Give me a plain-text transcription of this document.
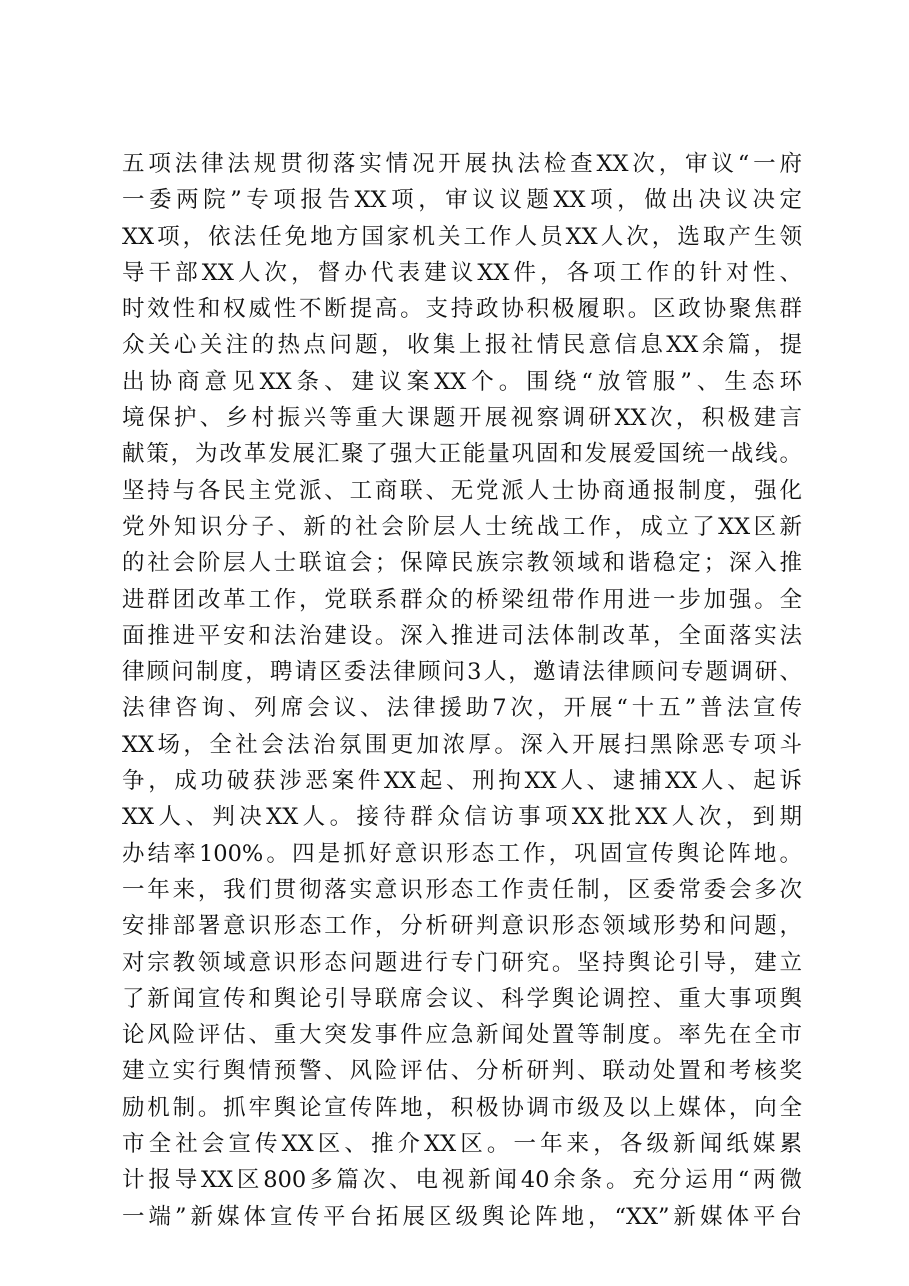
五项法律法规贯彻落实情况开展执法检查XX次，审议“一府
一委两院”专项报告XX项，审议议题XX项，做出决议决定
XX项，依法任免地方国家机关工作人员XX人次，选取产生领
导干部XX人次，督办代表建议XX件，各项工作的针对性、
时效性和权威性不断提高。支持政协积极履职。区政协聚焦群
众关心关注的热点问题，收集上报社情民意信息XX余篇，提
出协商意见XX条、建议案XX个。围绕“放管服”、生态环
境保护、乡村振兴等重大课题开展视察调研XX次，积极建言
献策，为改革发展汇聚了强大正能量巩固和发展爱国统一战线。
坚持与各民主党派、工商联、无党派人士协商通报制度，强化
党外知识分子、新的社会阶层人士统战工作，成立了XX区新
的社会阶层人士联谊会；保障民族宗教领域和谐稳定；深入推
进群团改革工作，党联系群众的桥梁纽带作用进一步加强。全
面推进平安和法治建设。深入推进司法体制改革，全面落实法
律顾问制度，聘请区委法律顾问3人，邀请法律顾问专题调研、
法律咨询、列席会议、法律援助7次，开展“十五”普法宣传
XX场，全社会法治氛围更加浓厚。深入开展扫黑除恶专项斗
争，成功破获涉恶案件XX起、刑拘XX人、逮捕XX人、起诉
XX人、判决XX人。接待群众信访事项XX批XX人次，到期
办结率100%。四是抓好意识形态工作，巩固宣传舆论阵地。
一年来，我们贯彻落实意识形态工作责任制，区委常委会多次
安排部署意识形态工作，分析研判意识形态领域形势和问题，
对宗教领域意识形态问题进行专门研究。坚持舆论引导，建立
了新闻宣传和舆论引导联席会议、科学舆论调控、重大事项舆
论风险评估、重大突发事件应急新闻处置等制度。率先在全市
建立实行舆情预警、风险评估、分析研判、联动处置和考核奖
励机制。抓牢舆论宣传阵地，积极协调市级及以上媒体，向全
市全社会宣传XX区、推介XX区。一年来，各级新闻纸媒累
计报导XX区800多篇次、电视新闻40余条。充分运用“两微
一端”新媒体宣传平台拓展区级舆论阵地，“XX”新媒体平台
